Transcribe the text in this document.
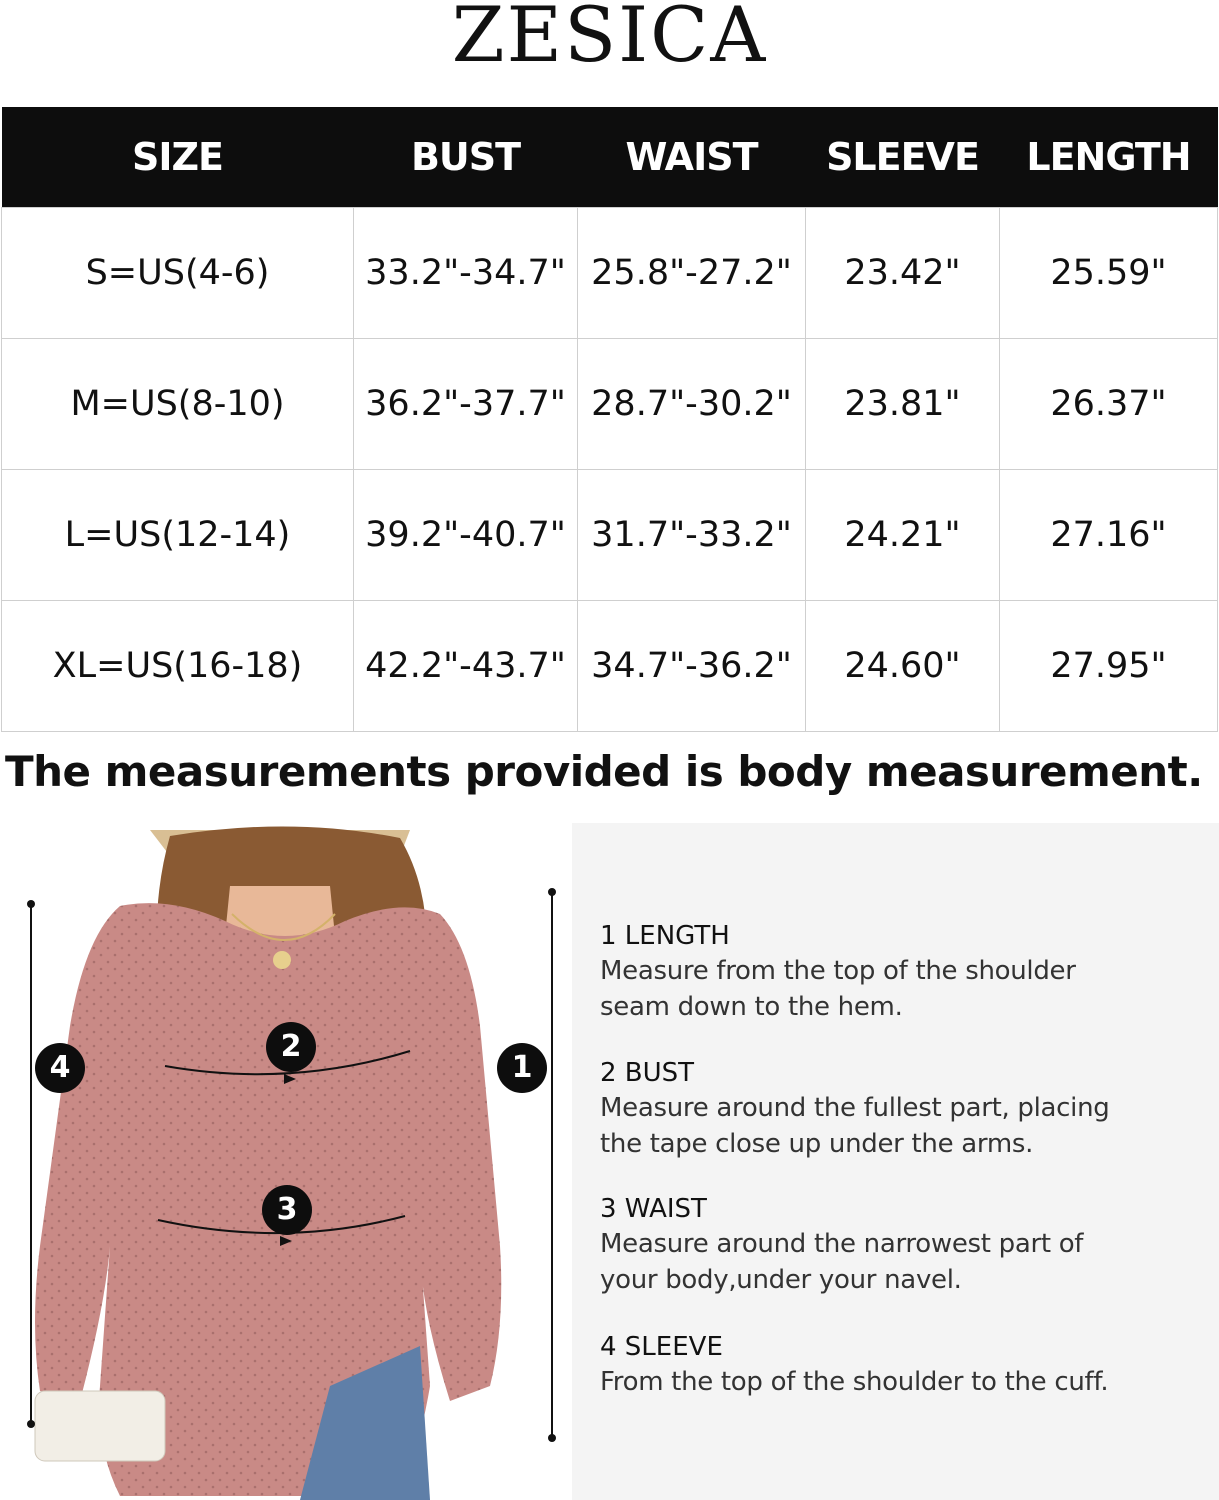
ZESICA
SIZE	BUST	WAIST	SLEEVE	LENGTH
S=US(4-6)	33.2"-34.7"	25.8"-27.2"	23.42"	25.59"
M=US(8-10)	36.2"-37.7"	28.7"-30.2"	23.81"	26.37"
L=US(12-14)	39.2"-40.7"	31.7"-33.2"	24.21"	27.16"
XL=US(16-18)	42.2"-43.7"	34.7"-36.2"	24.60"	27.95"
The measurements provided is body measurement.
1
2
3
4
1 LENGTH
Measure from the top of the shoulder
seam down to the hem.
2 BUST
Measure around the fullest part, placing
the tape close up under the arms.
3 WAIST
Measure around the narrowest part of
your body,under your navel.
4 SLEEVE
From the top of the shoulder to the cuff.
